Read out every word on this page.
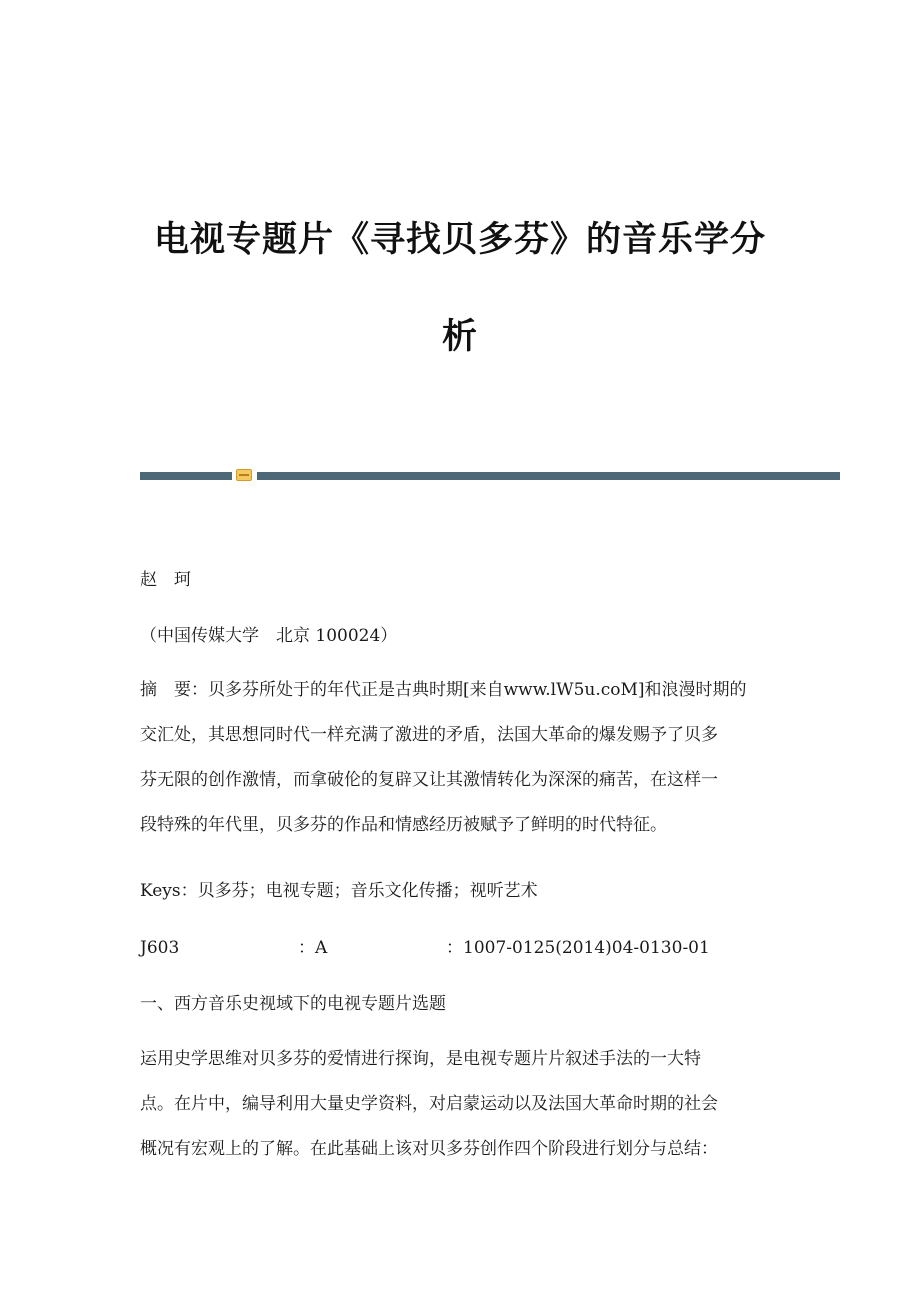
电视专题片《寻找贝多芬》的音乐学分
析
赵　珂
（中国传媒大学　北京 100024）
摘　要：贝多芬所处于的年代正是古典时期[来自www.lW5u.coM]和浪漫时期的
交汇处，其思想同时代一样充满了激进的矛盾，法国大革命的爆发赐予了贝多
芬无限的创作激情，而拿破伦的复辟又让其激情转化为深深的痛苦，在这样一
段特殊的年代里，贝多芬的作品和情感经历被赋予了鲜明的时代特征。
Keys：贝多芬；电视专题；音乐文化传播；视听艺术
J603	：A	：1007-0125(2014)04-0130-01
一、西方音乐史视域下的电视专题片选题
运用史学思维对贝多芬的爱情进行探询，是电视专题片片叙述手法的一大特
点。在片中，编导利用大量史学资料，对启蒙运动以及法国大革命时期的社会
概况有宏观上的了解。在此基础上该对贝多芬创作四个阶段进行划分与总结：
